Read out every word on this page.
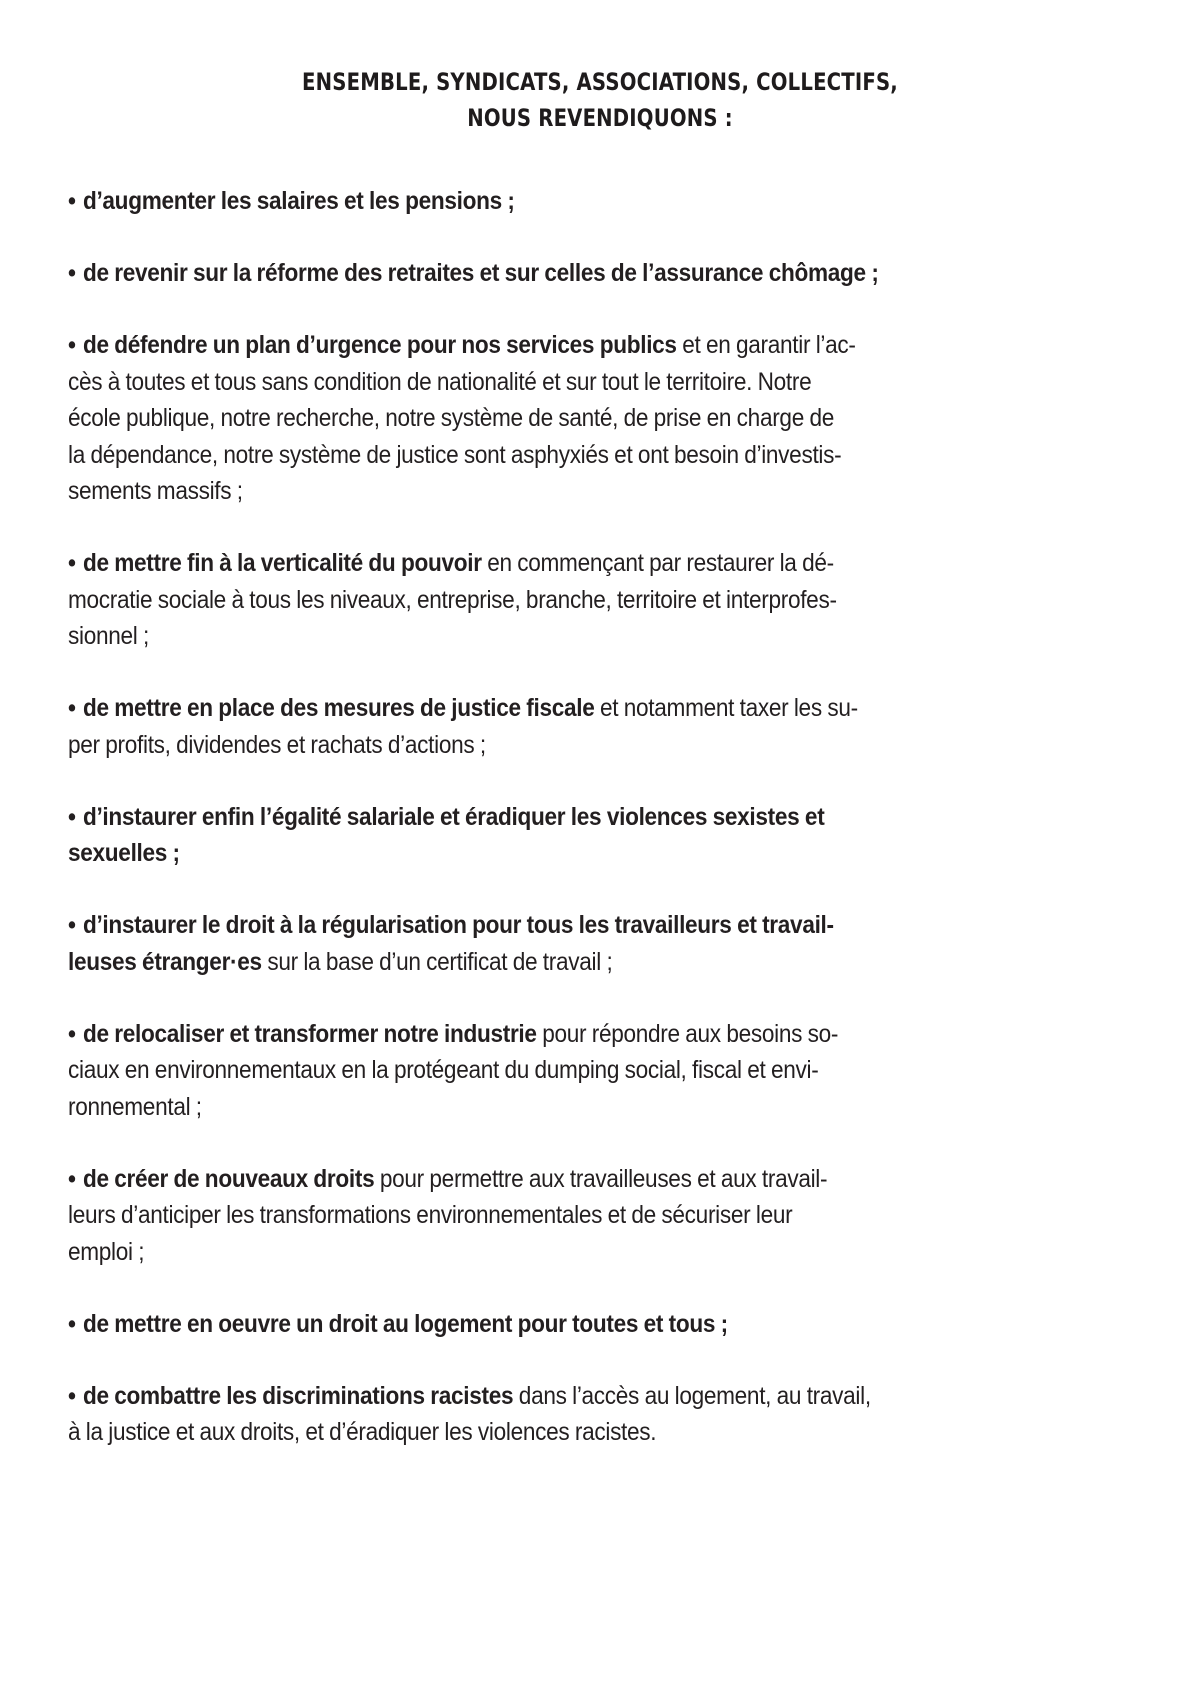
ENSEMBLE, SYNDICATS, ASSOCIATIONS, COLLECTIFS,
NOUS REVENDIQUONS :
• d’augmenter les salaires et les pensions ;
• de revenir sur la réforme des retraites et sur celles de l’assurance chômage ;
• de défendre un plan d’urgence pour nos services publics et en garantir l’ac-
cès à toutes et tous sans condition de nationalité et sur tout le territoire. Notre
école publique, notre recherche, notre système de santé, de prise en charge de
la dépendance, notre système de justice sont asphyxiés et ont besoin d’investis-
sements massifs ;
• de mettre fin à la verticalité du pouvoir en commençant par restaurer la dé-
mocratie sociale à tous les niveaux, entreprise, branche, territoire et interprofes-
sionnel ;
• de mettre en place des mesures de justice fiscale et notamment taxer les su-
per profits, dividendes et rachats d’actions ;
• d’instaurer enfin l’égalité salariale et éradiquer les violences sexistes et
sexuelles ;
• d’instaurer le droit à la régularisation pour tous les travailleurs et travail-
leuses étranger·es sur la base d’un certificat de travail ;
• de relocaliser et transformer notre industrie pour répondre aux besoins so-
ciaux en environnementaux en la protégeant du dumping social, fiscal et envi-
ronnemental ;
• de créer de nouveaux droits pour permettre aux travailleuses et aux travail-
leurs d’anticiper les transformations environnementales et de sécuriser leur
emploi ;
• de mettre en oeuvre un droit au logement pour toutes et tous ;
• de combattre les discriminations racistes dans l’accès au logement, au travail,
à la justice et aux droits, et d’éradiquer les violences racistes.
